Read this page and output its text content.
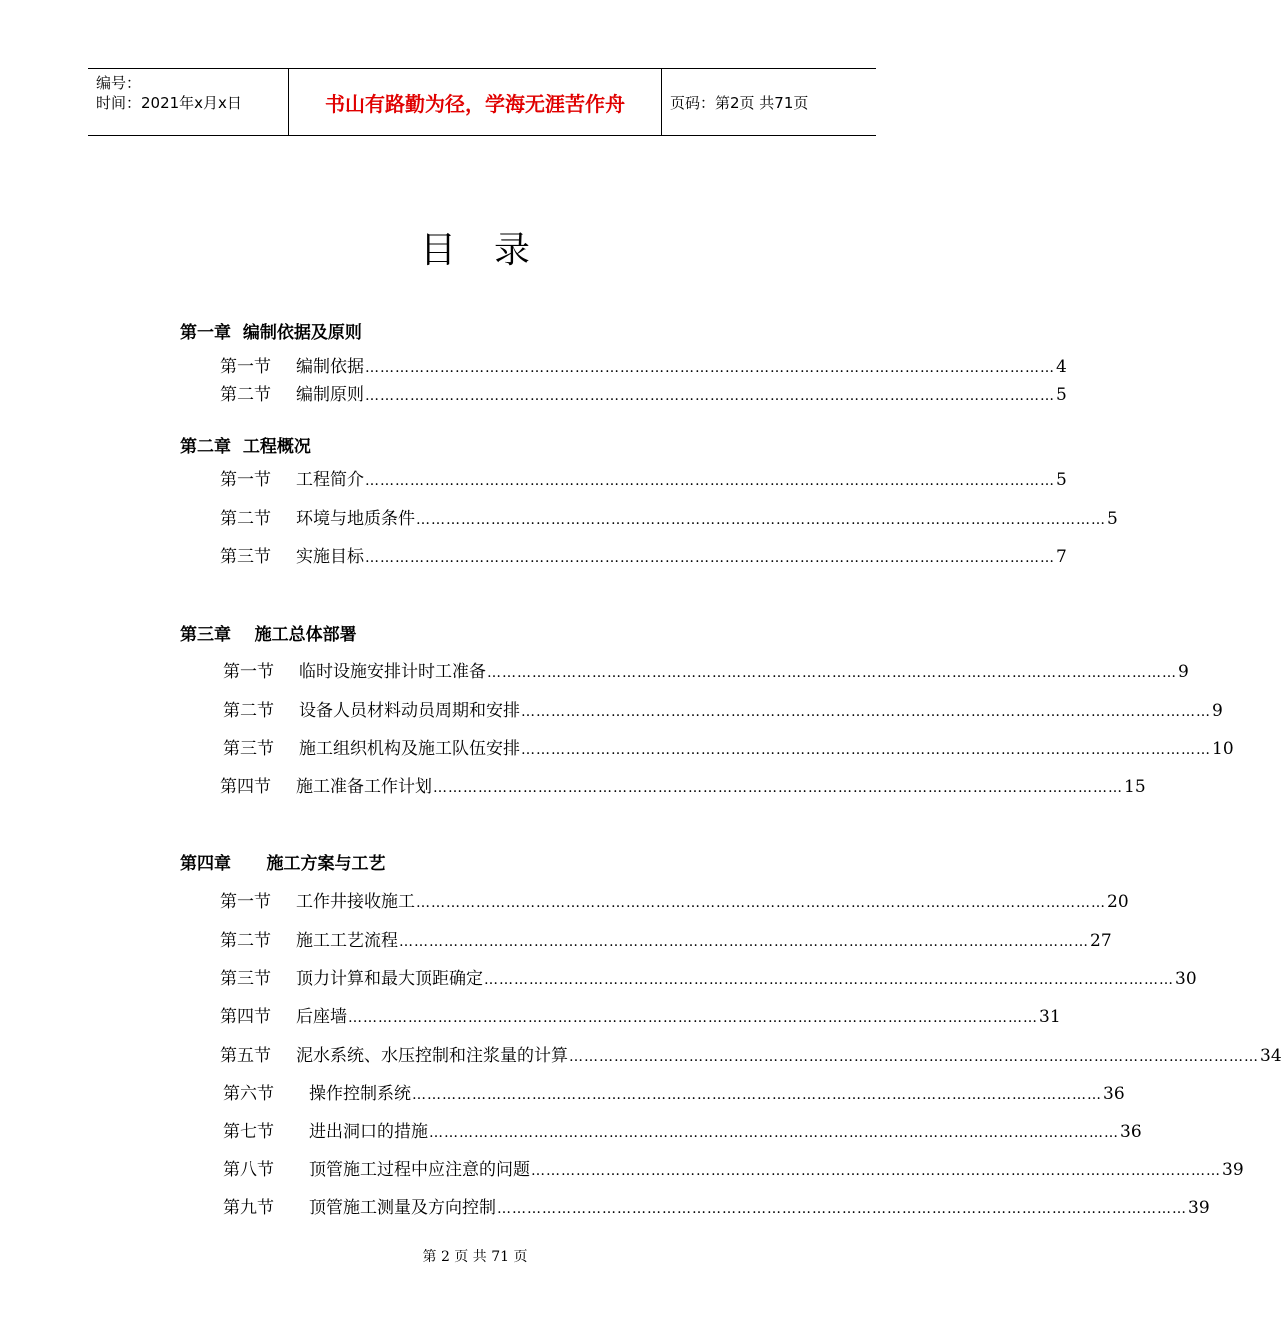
编号：
时间：2021年x月x日	书山有路勤为径，学海无涯苦作舟	页码：第2页 共71页
目录
第一章  编制依据及原则
第一节	编制依据 ………………………………………………………………………………………………………………………… 4
第二节	编制原则 ………………………………………………………………………………………………………………………… 5
第二章  工程概况
第一节	工程简介 ………………………………………………………………………………………………………………………… 5
第二节	环境与地质条件 ………………………………………………………………………………………………………………………… 5
第三节	实施目标 ………………………………………………………………………………………………………………………… 7
第三章    施工总体部署
第一节	临时设施安排计时工准备 ………………………………………………………………………………………………………………………… 9
第二节	设备人员材料动员周期和安排 ………………………………………………………………………………………………………………………… 9
第三节	施工组织机构及施工队伍安排 ………………………………………………………………………………………………………………………… 10
第四节	施工准备工作计划 ………………………………………………………………………………………………………………………… 15
第四章      施工方案与工艺
第一节	工作井接收施工 ………………………………………………………………………………………………………………………… 20
第二节	施工工艺流程 ………………………………………………………………………………………………………………………… 27
第三节	顶力计算和最大顶距确定 ………………………………………………………………………………………………………………………… 30
第四节	后座墙 ………………………………………………………………………………………………………………………… 31
第五节	泥水系统、水压控制和注浆量的计算 ………………………………………………………………………………………………………………………… 34
第六节	操作控制系统 ………………………………………………………………………………………………………………………… 36
第七节	进出洞口的措施 ………………………………………………………………………………………………………………………… 36
第八节	顶管施工过程中应注意的问题 ………………………………………………………………………………………………………………………… 39
第九节	顶管施工测量及方向控制 ………………………………………………………………………………………………………………………… 39
第 2 页 共 71 页
